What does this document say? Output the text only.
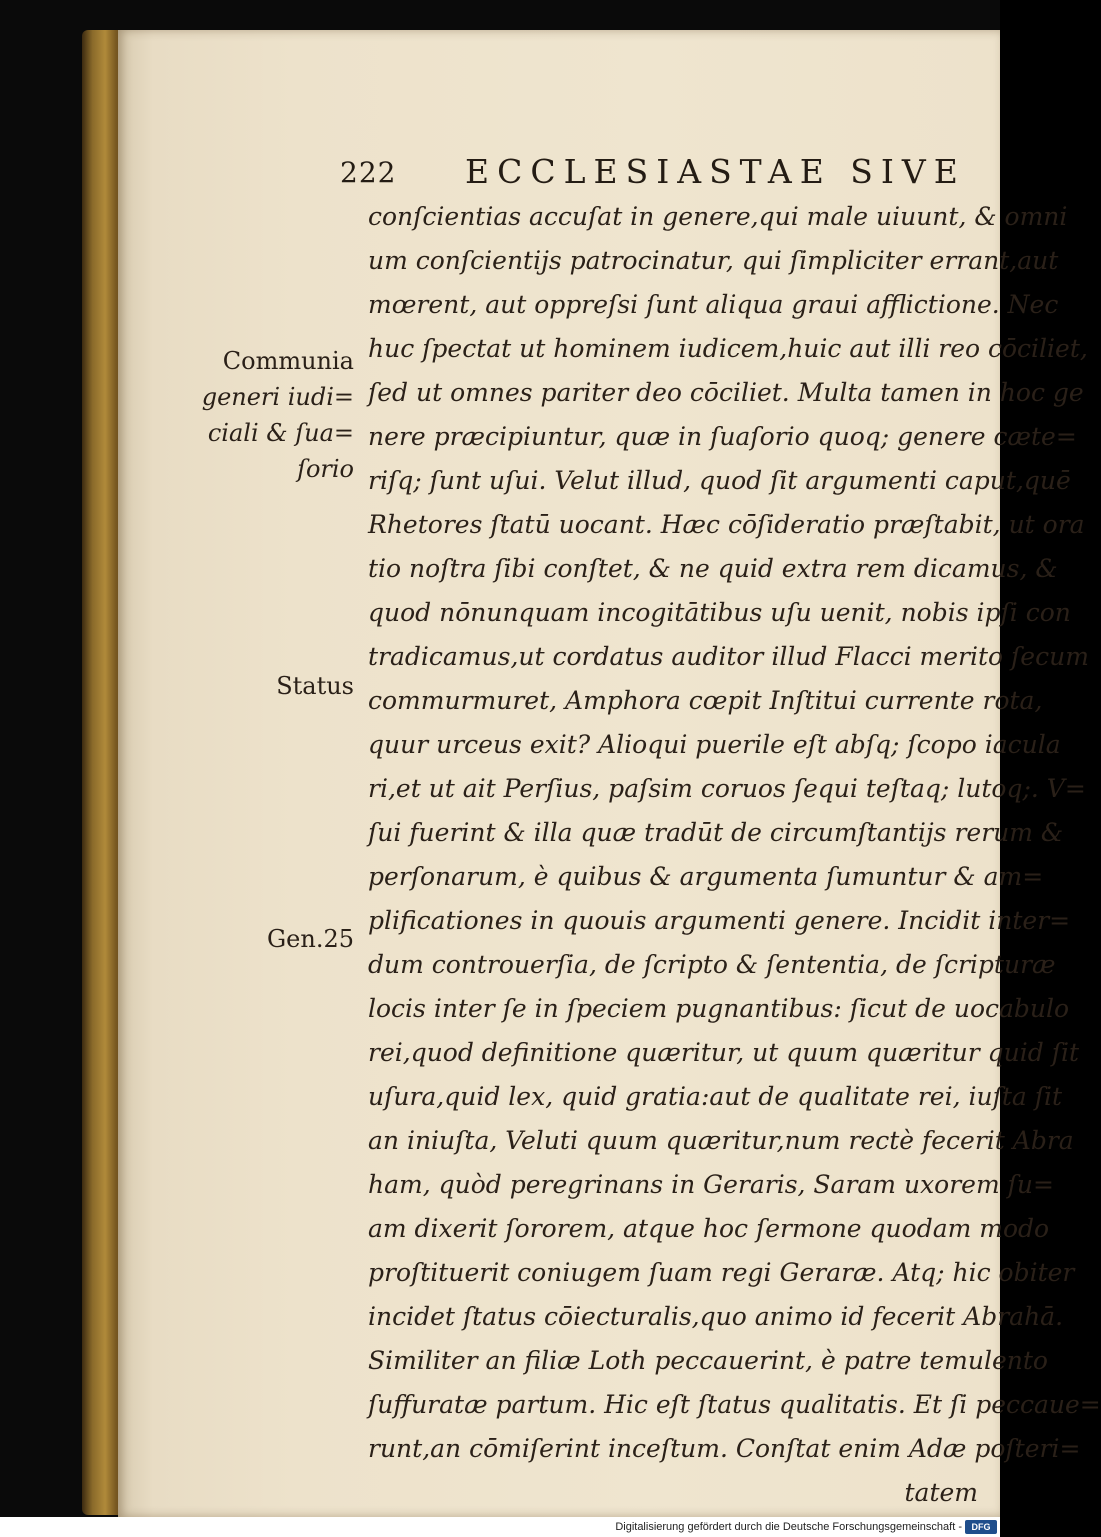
222 ECCLESIASTAE SIVE
Communia
generi iudi=
ciali & ſua=
ſorio
Status
Gen.25
conſcientias accuſat in genere,qui male uiuunt, & omni
um conſcientijs patrocinatur, qui ſimpliciter errant,aut
mœrent, aut oppreſsi ſunt aliqua graui afflictione. Nec
huc ſpectat ut hominem iudicem,huic aut illi reo cōciliet,
ſed ut omnes pariter deo cōciliet. Multa tamen in hoc ge
nere præcipiuntur, quæ in ſuaſorio quoq; genere cæte=
riſq; ſunt uſui. Velut illud, quod ſit argumenti caput,quē
Rhetores ſtatū uocant. Hæc cōſideratio præſtabit, ut ora
tio noſtra ſibi conſtet, & ne quid extra rem dicamus, &
quod nōnunquam incogitātibus uſu uenit, nobis ipſi con
tradicamus,ut cordatus auditor illud Flacci merito ſecum
commurmuret, Amphora cœpit Inſtitui currente rota,
quur urceus exit? Alioqui puerile eſt abſq; ſcopo iacula
ri,et ut ait Perſius, paſsim coruos ſequi teſtaq; lutoq;. V=
ſui fuerint & illa quæ tradūt de circumſtantijs rerum &
perſonarum, è quibus & argumenta ſumuntur & am=
plificationes in quouis argumenti genere. Incidit inter=
dum controuerſia, de ſcripto & ſententia, de ſcripturæ
locis inter ſe in ſpeciem pugnantibus: ſicut de uocabulo
rei,quod definitione quæritur, ut quum quæritur quid ſit
uſura,quid lex, quid gratia:aut de qualitate rei, iuſta ſit
an iniuſta, Veluti quum quæritur,num rectè fecerit Abra
ham, quòd peregrinans in Geraris, Saram uxorem ſu=
am dixerit ſororem, atque hoc ſermone quodam modo
proſtituerit coniugem ſuam regi Geraræ. Atq; hic obiter
incidet ſtatus cōiecturalis,quo animo id fecerit Abrahā.
Similiter an filiæ Loth peccauerint, è patre temulento
ſuffuratæ partum. Hic eſt ſtatus qualitatis. Et ſi peccaue=
runt,an cōmiſerint inceſtum. Conſtat enim Adæ poſteri=
tatem
Digitalisierung gefördert durch die Deutsche Forschungsgemeinschaft -	DFG
